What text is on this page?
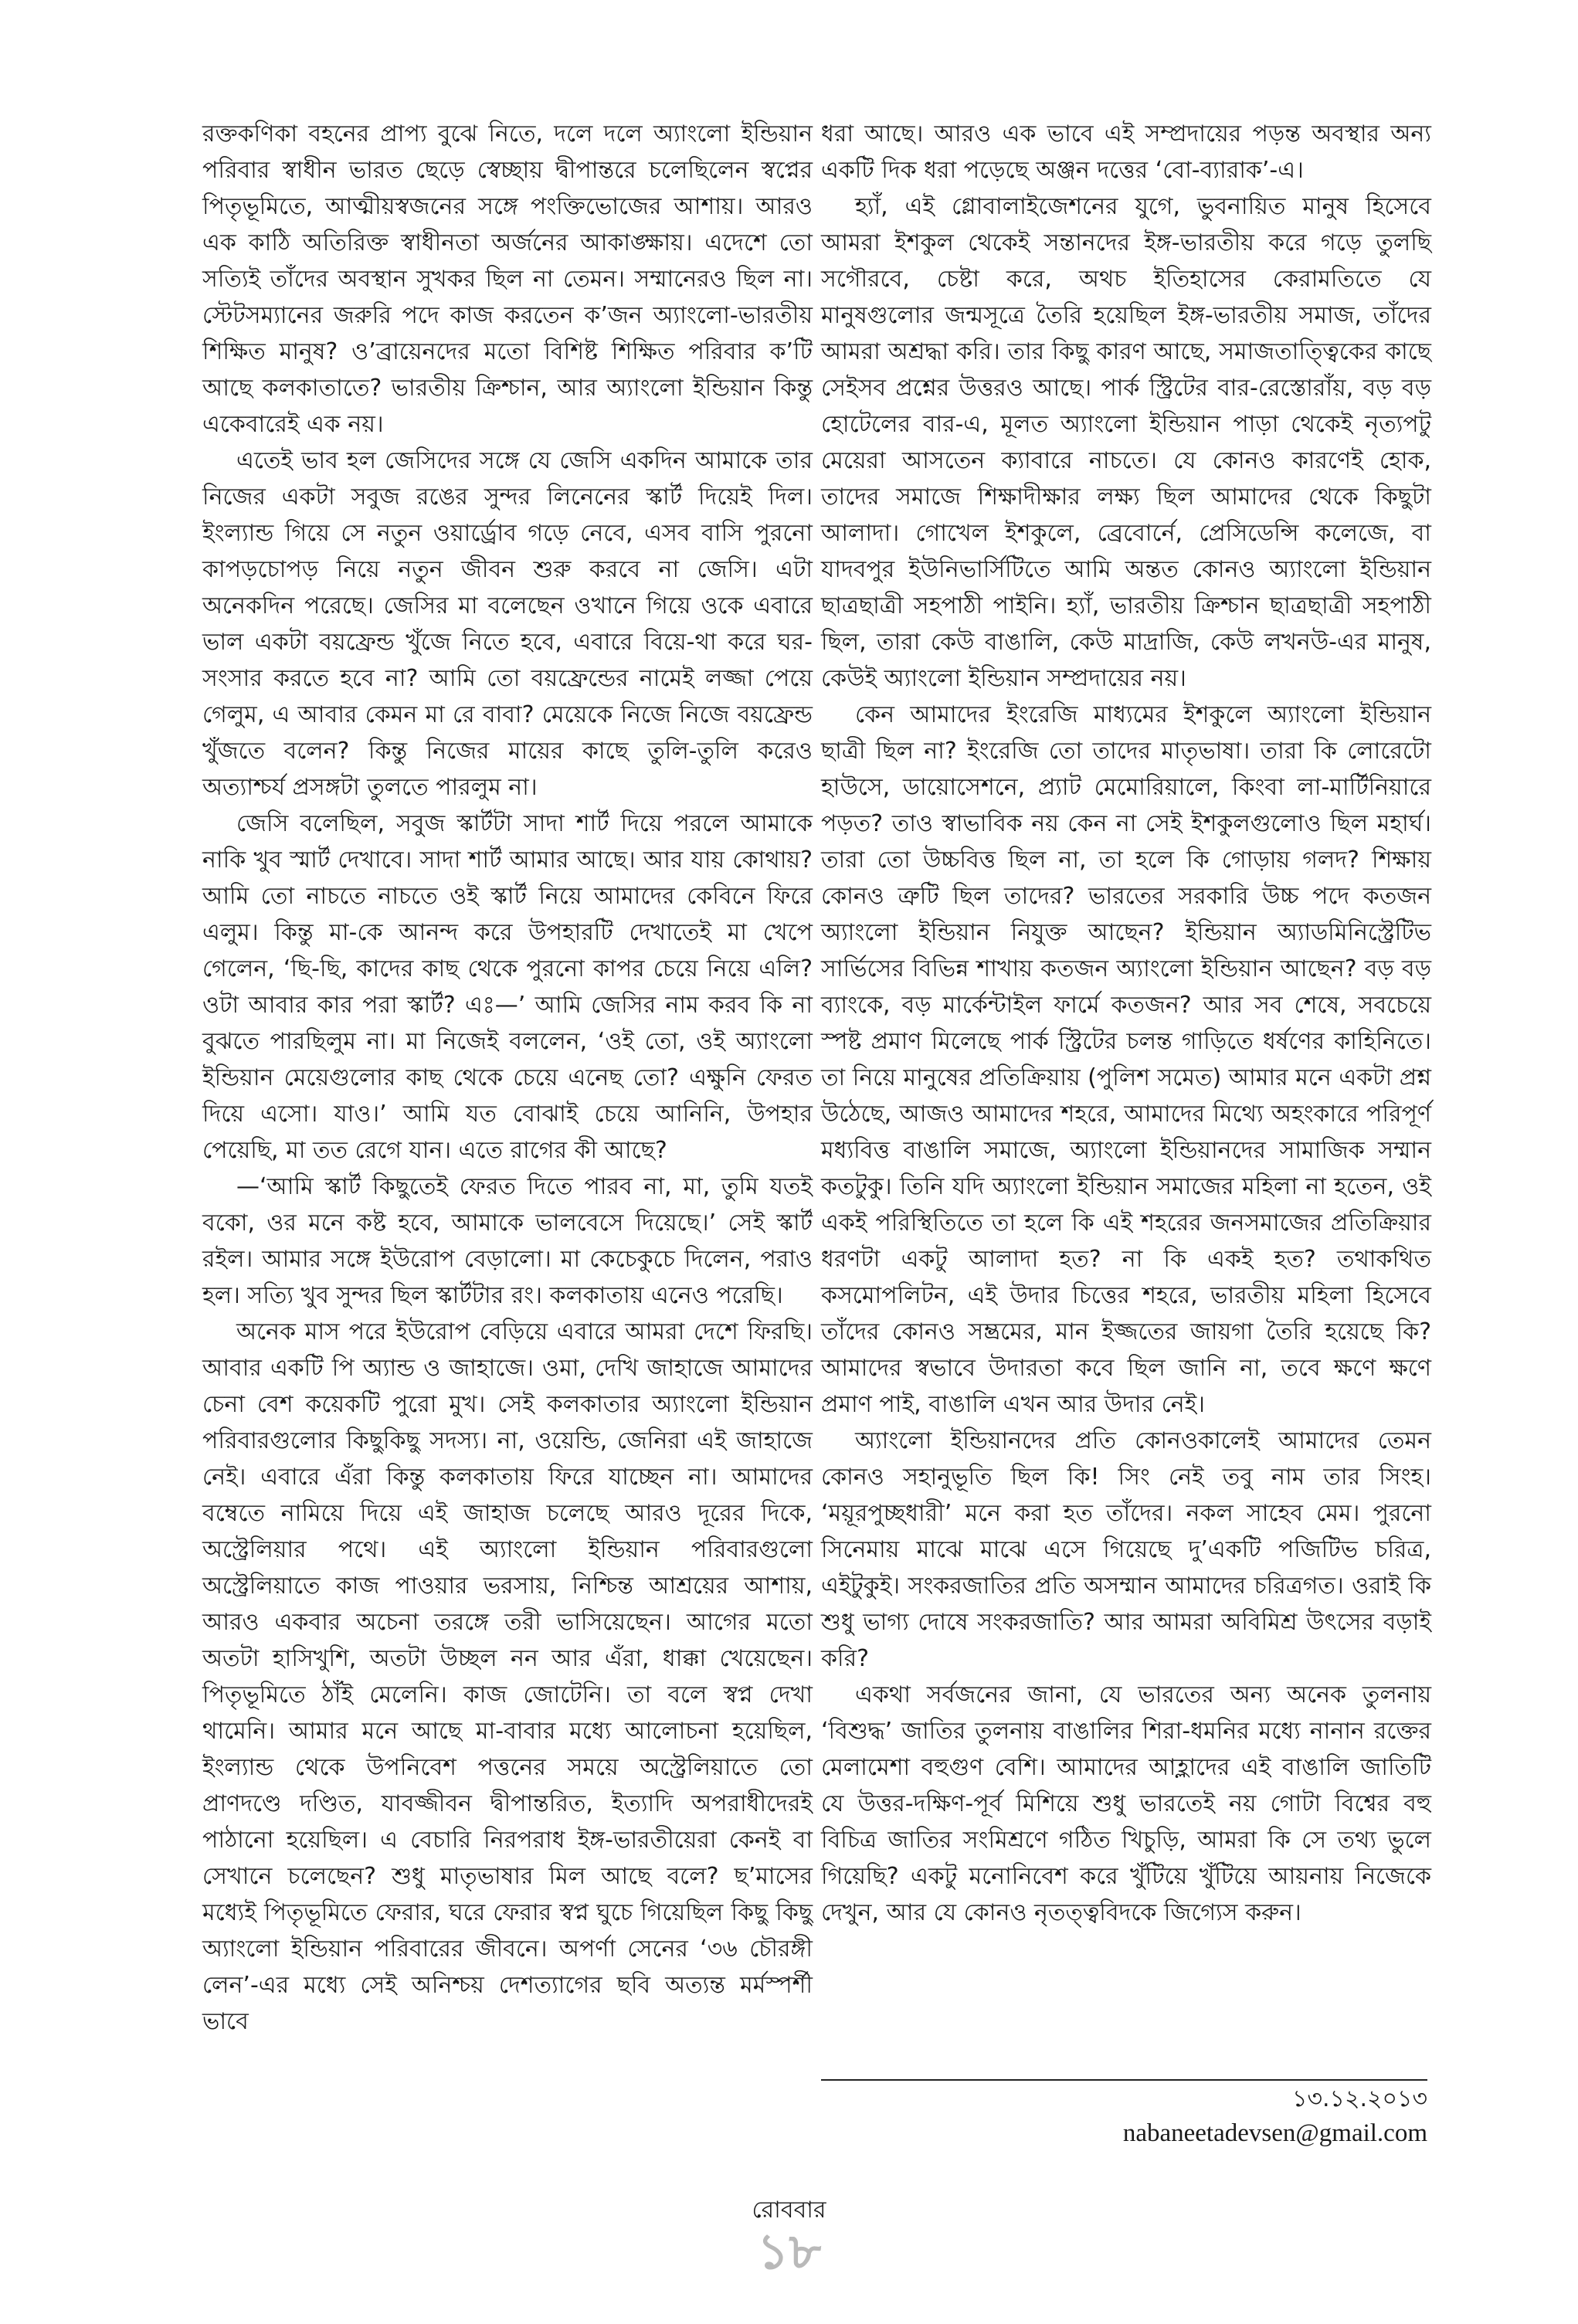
রক্তকণিকা বহনের প্রাপ্য বুঝে নিতে, দলে দলে অ্যাংলো ইন্ডিয়ান পরিবার স্বাধীন ভারত ছেড়ে স্বেচ্ছায় দ্বীপান্তরে চলেছিলেন স্বপ্নের পিতৃভূমিতে, আত্মীয়স্বজনের সঙ্গে পংক্তিভোজের আশায়। আরও এক কাঠি অতিরিক্ত স্বাধীনতা অর্জনের আকাঙ্ক্ষায়। এদেশে তো সত্যিই তাঁদের অবস্থান সুখকর ছিল না তেমন। সম্মানেরও ছিল না। স্টেটসম্যানের জরুরি পদে কাজ করতেন ক’জন অ্যাংলো-ভারতীয় শিক্ষিত মানুষ? ও’ব্রায়েনদের মতো বিশিষ্ট শিক্ষিত পরিবার ক’টি আছে কলকাতাতে? ভারতীয় ক্রিশ্চান, আর অ্যাংলো ইন্ডিয়ান কিন্তু একেবারেই এক নয়।

এতেই ভাব হল জেসিদের সঙ্গে যে জেসি একদিন আমাকে তার নিজের একটা সবুজ রঙের সুন্দর লিনেনের স্কার্ট দিয়েই দিল। ইংল্যান্ড গিয়ে সে নতুন ওয়ার্ড্রোব গড়ে নেবে, এসব বাসি পুরনো কাপড়চোপড় নিয়ে নতুন জীবন শুরু করবে না জেসি। এটা অনেকদিন পরেছে। জেসির মা বলেছেন ওখানে গিয়ে ওকে এবারে ভাল একটা বয়ফ্রেন্ড খুঁজে নিতে হবে, এবারে বিয়ে-থা করে ঘর-সংসার করতে হবে না? আমি তো বয়ফ্রেন্ডের নামেই লজ্জা পেয়ে গেলুম, এ আবার কেমন মা রে বাবা? মেয়েকে নিজে নিজে বয়ফ্রেন্ড খুঁজতে বলেন? কিন্তু নিজের মায়ের কাছে তুলি-তুলি করেও অত্যাশ্চর্য প্রসঙ্গটা তুলতে পারলুম না।

জেসি বলেছিল, সবুজ স্কার্টটা সাদা শার্ট দিয়ে পরলে আমাকে নাকি খুব স্মার্ট দেখাবে। সাদা শার্ট আমার আছে। আর যায় কোথায়? আমি তো নাচতে নাচতে ওই স্কার্ট নিয়ে আমাদের কেবিনে ফিরে এলুম। কিন্তু মা-কে আনন্দ করে উপহারটি দেখাতেই মা খেপে গেলেন, ‘ছি-ছি, কাদের কাছ থেকে পুরনো কাপর চেয়ে নিয়ে এলি? ওটা আবার কার পরা স্কার্ট? এঃ—’ আমি জেসির নাম করব কি না বুঝতে পারছিলুম না। মা নিজেই বললেন, ‘ওই তো, ওই অ্যাংলো ইন্ডিয়ান মেয়েগুলোর কাছ থেকে চেয়ে এনেছ তো? এক্ষুনি ফেরত দিয়ে এসো। যাও।’ আমি যত বোঝাই চেয়ে আনিনি, উপহার পেয়েছি, মা তত রেগে যান। এতে রাগের কী আছে?

—‘আমি স্কার্ট কিছুতেই ফেরত দিতে পারব না, মা, তুমি যতই বকো, ওর মনে কষ্ট হবে, আমাকে ভালবেসে দিয়েছে।’ সেই স্কার্ট রইল। আমার সঙ্গে ইউরোপ বেড়ালো। মা কেচেকুচে দিলেন, পরাও হল। সত্যি খুব সুন্দর ছিল স্কার্টটার রং। কলকাতায় এনেও পরেছি।

অনেক মাস পরে ইউরোপ বেড়িয়ে এবারে আমরা দেশে ফিরছি। আবার একটি পি অ্যান্ড ও জাহাজে। ওমা, দেখি জাহাজে আমাদের চেনা বেশ কয়েকটি পুরো মুখ। সেই কলকাতার অ্যাংলো ইন্ডিয়ান পরিবারগুলোর কিছুকিছু সদস্য। না, ওয়েন্ডি, জেনিরা এই জাহাজে নেই। এবারে এঁরা কিন্তু কলকাতায় ফিরে যাচ্ছেন না। আমাদের বম্বেতে নামিয়ে দিয়ে এই জাহাজ চলেছে আরও দূরের দিকে, অস্ট্রেলিয়ার পথে। এই অ্যাংলো ইন্ডিয়ান পরিবারগুলো অস্ট্রেলিয়াতে কাজ পাওয়ার ভরসায়, নিশ্চিন্ত আশ্রয়ের আশায়, আরও একবার অচেনা তরঙ্গে তরী ভাসিয়েছেন। আগের মতো অতটা হাসিখুশি, অতটা উচ্ছল নন আর এঁরা, ধাক্কা খেয়েছেন। পিতৃভূমিতে ঠাঁই মেলেনি। কাজ জোটেনি। তা বলে স্বপ্ন দেখা থামেনি। আমার মনে আছে মা-বাবার মধ্যে আলোচনা হয়েছিল, ইংল্যান্ড থেকে উপনিবেশ পত্তনের সময়ে অস্ট্রেলিয়াতে তো প্রাণদণ্ডে দণ্ডিত, যাবজ্জীবন দ্বীপান্তরিত, ইত্যাদি অপরাধীদেরই পাঠানো হয়েছিল। এ বেচারি নিরপরাধ ইঙ্গ-ভারতীয়েরা কেনই বা সেখানে চলেছেন? শুধু মাতৃভাষার মিল আছে বলে? ছ’মাসের মধ্যেই পিতৃভূমিতে ফেরার, ঘরে ফেরার স্বপ্ন ঘুচে গিয়েছিল কিছু কিছু অ্যাংলো ইন্ডিয়ান পরিবারের জীবনে। অপর্ণা সেনের ‘৩৬ চৌরঙ্গী লেন’-এর মধ্যে সেই অনিশ্চয় দেশত্যাগের ছবি অত্যন্ত মর্মস্পর্শী ভাবে

ধরা আছে। আরও এক ভাবে এই সম্প্রদায়ের পড়ন্ত অবস্থার অন্য একটি দিক ধরা পড়েছে অঞ্জন দত্তের ‘বো-ব্যারাক’-এ।

হ্যাঁ, এই গ্লোবালাইজেশনের যুগে, ভুবনায়িত মানুষ হিসেবে আমরা ইশকুল থেকেই সন্তানদের ইঙ্গ-ভারতীয় করে গড়ে তুলছি সগৌরবে, চেষ্টা করে, অথচ ইতিহাসের কেরামতিতে যে মানুষগুলোর জন্মসূত্রে তৈরি হয়েছিল ইঙ্গ-ভারতীয় সমাজ, তাঁদের আমরা অশ্রদ্ধা করি। তার কিছু কারণ আছে, সমাজতাত্ত্বিকের কাছে সেইসব প্রশ্নের উত্তরও আছে। পার্ক স্ট্রিটের বার-রেস্তোরাঁয়, বড় বড় হোটেলের বার-এ, মূলত অ্যাংলো ইন্ডিয়ান পাড়া থেকেই নৃত্যপটু মেয়েরা আসতেন ক্যাবারে নাচতে। যে কোনও কারণেই হোক, তাদের সমাজে শিক্ষাদীক্ষার লক্ষ্য ছিল আমাদের থেকে কিছুটা আলাদা। গোখেল ইশকুলে, ব্রেবোর্নে, প্রেসিডেন্সি কলেজে, বা যাদবপুর ইউনিভার্সিটিতে আমি অন্তত কোনও অ্যাংলো ইন্ডিয়ান ছাত্রছাত্রী সহপাঠী পাইনি। হ্যাঁ, ভারতীয় ক্রিশ্চান ছাত্রছাত্রী সহপাঠী ছিল, তারা কেউ বাঙালি, কেউ মাদ্রাজি, কেউ লখনউ-এর মানুষ, কেউই অ্যাংলো ইন্ডিয়ান সম্প্রদায়ের নয়।

কেন আমাদের ইংরেজি মাধ্যমের ইশকুলে অ্যাংলো ইন্ডিয়ান ছাত্রী ছিল না? ইংরেজি তো তাদের মাতৃভাষা। তারা কি লোরেটো হাউসে, ডায়োসেশনে, প্র্যাট মেমোরিয়ালে, কিংবা লা-মার্টিনিয়ারে পড়ত? তাও স্বাভাবিক নয় কেন না সেই ইশকুলগুলোও ছিল মহার্ঘ। তারা তো উচ্চবিত্ত ছিল না, তা হলে কি গোড়ায় গলদ? শিক্ষায় কোনও ত্রুটি ছিল তাদের? ভারতের সরকারি উচ্চ পদে কতজন অ্যাংলো ইন্ডিয়ান নিযুক্ত আছেন? ইন্ডিয়ান অ্যাডমিনিস্ট্রেটিভ সার্ভিসের বিভিন্ন শাখায় কতজন অ্যাংলো ইন্ডিয়ান আছেন? বড় বড় ব্যাংকে, বড় মার্কেন্টাইল ফার্মে কতজন? আর সব শেষে, সবচেয়ে স্পষ্ট প্রমাণ মিলেছে পার্ক স্ট্রিটের চলন্ত গাড়িতে ধর্ষণের কাহিনিতে। তা নিয়ে মানুষের প্রতিক্রিয়ায় (পুলিশ সমেত) আমার মনে একটা প্রশ্ন উঠেছে, আজও আমাদের শহরে, আমাদের মিথ্যে অহংকারে পরিপূর্ণ মধ্যবিত্ত বাঙালি সমাজে, অ্যাংলো ইন্ডিয়ানদের সামাজিক সম্মান কতটুকু। তিনি যদি অ্যাংলো ইন্ডিয়ান সমাজের মহিলা না হতেন, ওই একই পরিস্থিতিতে তা হলে কি এই শহরের জনসমাজের প্রতিক্রিয়ার ধরণটা একটু আলাদা হত? না কি একই হত? তথাকথিত কসমোপলিটন, এই উদার চিত্তের শহরে, ভারতীয় মহিলা হিসেবে তাঁদের কোনও সম্ভ্রমের, মান ইজ্জতের জায়গা তৈরি হয়েছে কি? আমাদের স্বভাবে উদারতা কবে ছিল জানি না, তবে ক্ষণে ক্ষণে প্রমাণ পাই, বাঙালি এখন আর উদার নেই।

অ্যাংলো ইন্ডিয়ানদের প্রতি কোনওকালেই আমাদের তেমন কোনও সহানুভূতি ছিল কি! সিং নেই তবু নাম তার সিংহ। ‘ময়ূরপুচ্ছধারী’ মনে করা হত তাঁদের। নকল সাহেব মেম। পুরনো সিনেমায় মাঝে মাঝে এসে গিয়েছে দু’একটি পজিটিভ চরিত্র, এইটুকুই। সংকরজাতির প্রতি অসম্মান আমাদের চরিত্রগত। ওরাই কি শুধু ভাগ্য দোষে সংকরজাতি? আর আমরা অবিমিশ্র উৎসের বড়াই করি?

একথা সর্বজনের জানা, যে ভারতের অন্য অনেক তুলনায় ‘বিশুদ্ধ’ জাতির তুলনায় বাঙালির শিরা-ধমনির মধ্যে নানান রক্তের মেলামেশা বহুগুণ বেশি। আমাদের আহ্লাদের এই বাঙালি জাতিটি যে উত্তর-দক্ষিণ-পূর্ব মিশিয়ে শুধু ভারতেই নয় গোটা বিশ্বের বহু বিচিত্র জাতির সংমিশ্রণে গঠিত খিচুড়ি, আমরা কি সে তথ্য ভুলে গিয়েছি? একটু মনোনিবেশ করে খুঁটিয়ে খুঁটিয়ে আয়নায় নিজেকে দেখুন, আর যে কোনও নৃতত্ত্ববিদকে জিগ্যেস করুন।

১৩.১২.২০১৩
nabaneetadevsen@gmail.com
রোববার
১৮
